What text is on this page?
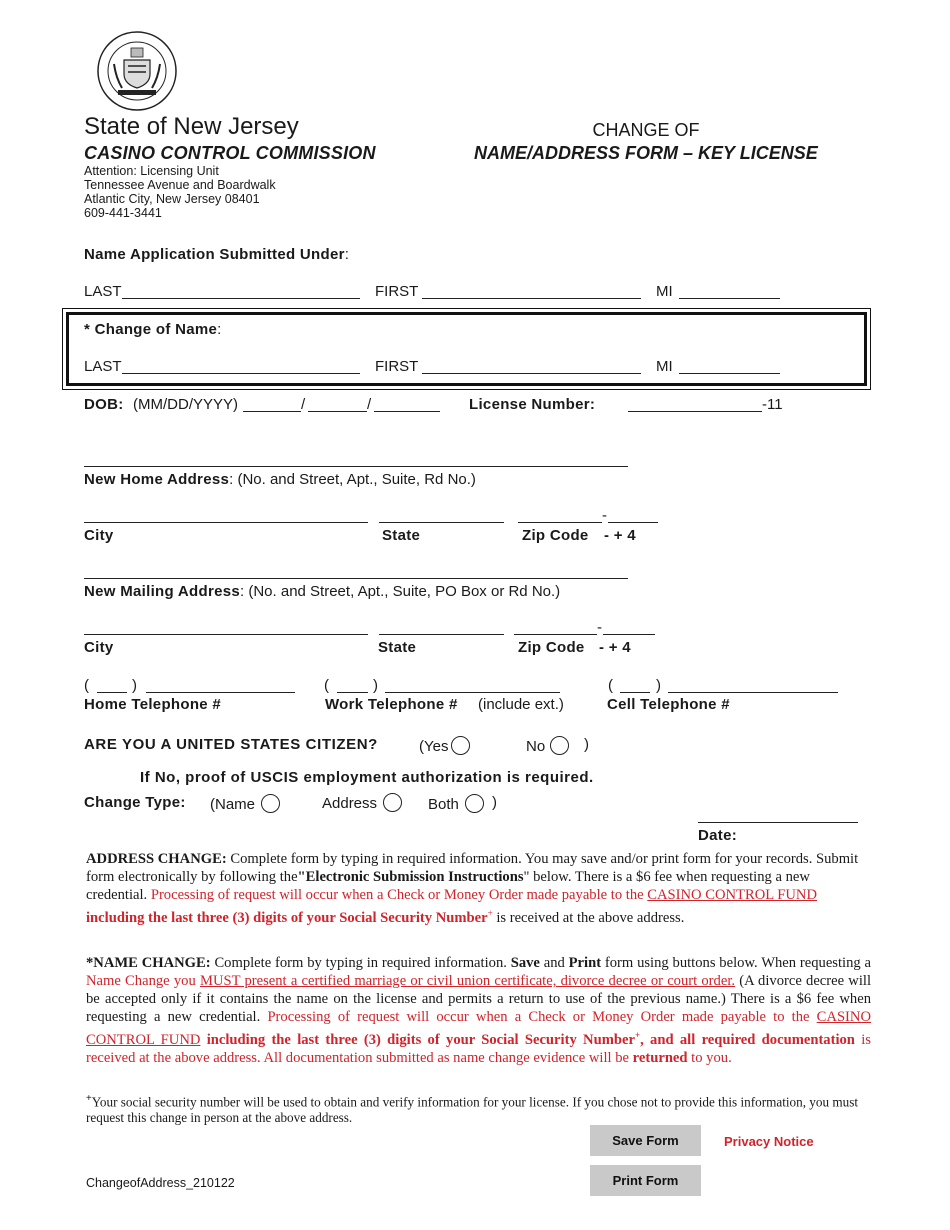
State of New Jersey
CASINO CONTROL COMMISSION
Attention: Licensing Unit
Tennessee Avenue and Boardwalk
Atlantic City, New Jersey 08401
609-441-3441
CHANGE OF
NAME/ADDRESS FORM – KEY LICENSE
Name Application Submitted Under:
LAST	FIRST	MI
* Change of Name:
LAST	FIRST	MI
DOB: (MM/DD/YYYY)	/	/	License Number:	-11
New Home Address: (No. and Street, Apt., Suite, Rd No.)
-
City	State	Zip Code - + 4
New Mailing Address: (No. and Street, Apt., Suite, PO Box or Rd No.)
-
City	State	Zip Code - + 4
(	)	(	)	(	)
Home Telephone #	Work Telephone # (include ext.)	Cell Telephone #
ARE YOU A UNITED STATES CITIZEN?	(Yes	No	)
If No, proof of USCIS employment authorization is required.
Change Type: (Name	Address	Both	)
Date:
ADDRESS CHANGE: Complete form by typing in required information. You may save and/or print form for your records. Submit form electronically by following the"Electronic Submission Instructions" below. There is a $6 fee when requesting a new credential. Processing of request will occur when a Check or Money Order made payable to the CASINO CONTROL FUND including the last three (3) digits of your Social Security Number+ is received at the above address.
*NAME CHANGE: Complete form by typing in required information. Save and Print form using buttons below. When requesting a Name Change you MUST present a certified marriage or civil union certificate, divorce decree or court order. (A divorce decree will be accepted only if it contains the name on the license and permits a return to use of the previous name.) There is a $6 fee when requesting a new credential. Processing of request will occur when a Check or Money Order made payable to the CASINO CONTROL FUND including the last three (3) digits of your Social Security Number+, and all required documentation is received at the above address. All documentation submitted as name change evidence will be returned to you.
+Your social security number will be used to obtain and verify information for your license. If you chose not to provide this information, you must request this change in person at the above address.
Save Form
Print Form
Privacy Notice
ChangeofAddress_210122
